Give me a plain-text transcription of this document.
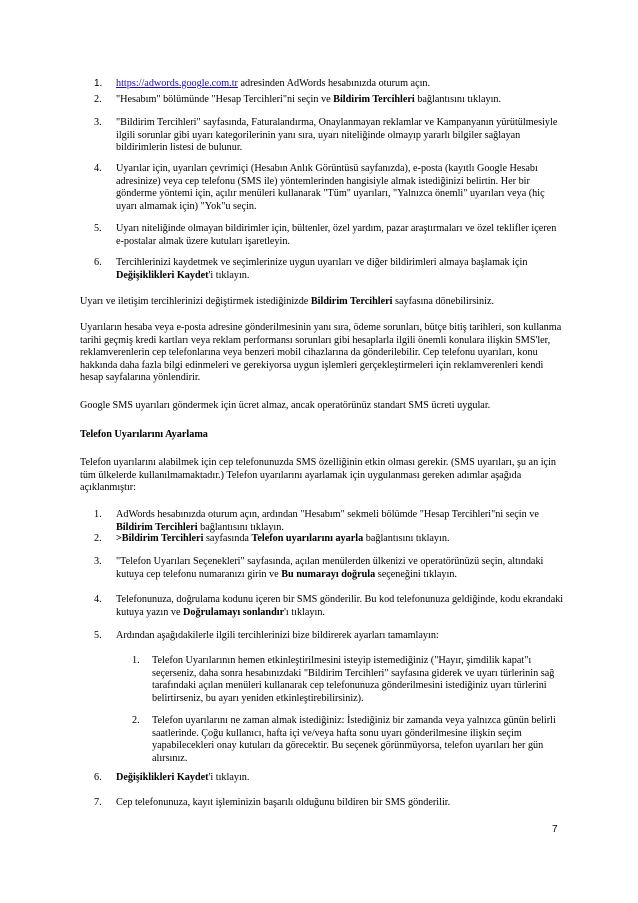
1.	https://adwords.google.com.tr adresinden AdWords hesabınızda oturum açın.
2.	"Hesabım" bölümünde "Hesap Tercihleri"ni seçin ve Bildirim Tercihleri bağlantısını tıklayın.
3.	"Bildirim Tercihleri" sayfasında, Faturalandırma, Onaylanmayan reklamlar ve Kampanyanın yürütülmesiyle ilgili sorunlar gibi uyarı kategorilerinin yanı sıra, uyarı niteliğinde olmayıp yararlı bilgiler sağlayan bildirimlerin listesi de bulunur.
4.	Uyarılar için, uyarıları çevrimiçi (Hesabın Anlık Görüntüsü sayfanızda), e-posta (kayıtlı Google Hesabı adresinize) veya cep telefonu (SMS ile) yöntemlerinden hangisiyle almak istediğinizi belirtin. Her bir gönderme yöntemi için, açılır menüleri kullanarak "Tüm" uyarıları, "Yalnızca önemli" uyarıları veya (hiç uyarı almamak için) "Yok"u seçin.
5.	Uyarı niteliğinde olmayan bildirimler için, bültenler, özel yardım, pazar araştırmaları ve özel teklifler içeren e-postalar almak üzere kutuları işaretleyin.
6.	Tercihlerinizi kaydetmek ve seçimlerinize uygun uyarıları ve diğer bildirimleri almaya başlamak için Değişiklikleri Kaydet'i tıklayın.

Uyarı ve iletişim tercihlerinizi değiştirmek istediğinizde Bildirim Tercihleri sayfasına dönebilirsiniz.

Uyarıların hesaba veya e-posta adresine gönderilmesinin yanı sıra, ödeme sorunları, bütçe bitiş tarihleri, son kullanma tarihi geçmiş kredi kartları veya reklam performansı sorunları gibi hesaplarla ilgili önemli konulara ilişkin SMS'ler, reklamverenlerin cep telefonlarına veya benzeri mobil cihazlarına da gönderilebilir. Cep telefonu uyarıları, konu hakkında daha fazla bilgi edinmeleri ve gerekiyorsa uygun işlemleri gerçekleştirmeleri için reklamverenleri kendi hesap sayfalarına yönlendirir.

Google SMS uyarıları göndermek için ücret almaz, ancak operatörünüz standart SMS ücreti uygular.

Telefon Uyarılarını Ayarlama

Telefon uyarılarını alabilmek için cep telefonunuzda SMS özelliğinin etkin olması gerekir. (SMS uyarıları, şu an için tüm ülkelerde kullanılmamaktadır.) Telefon uyarılarını ayarlamak için uygulanması gereken adımlar aşağıda açıklanmıştır:

1.	AdWords hesabınızda oturum açın, ardından "Hesabım" sekmeli bölümde "Hesap Tercihleri"ni seçin ve Bildirim Tercihleri bağlantısını tıklayın.
2.	>Bildirim Tercihleri sayfasında Telefon uyarılarını ayarla bağlantısını tıklayın.
3.	"Telefon Uyarıları Seçenekleri" sayfasında, açılan menülerden ülkenizi ve operatörünüzü seçin, altındaki kutuya cep telefonu numaranızı girin ve Bu numarayı doğrula seçeneğini tıklayın.
4.	Telefonunuza, doğrulama kodunu içeren bir SMS gönderilir. Bu kod telefonunuza geldiğinde, kodu ekrandaki kutuya yazın ve Doğrulamayı sonlandır'ı tıklayın.
5.	Ardından aşağıdakilerle ilgili tercihlerinizi bize bildirerek ayarları tamamlayın:
1.	Telefon Uyarılarının hemen etkinleştirilmesini isteyip istemediğiniz ("Hayır, şimdilik kapat"ı seçerseniz, daha sonra hesabınızdaki "Bildirim Tercihleri" sayfasına giderek ve uyarı türlerinin sağ tarafındaki açılan menüleri kullanarak cep telefonunuza gönderilmesini istediğiniz uyarı türlerini belirtirseniz, bu ayarı yeniden etkinleştirebilirsiniz).
2.	Telefon uyarılarını ne zaman almak istediğiniz: İstediğiniz bir zamanda veya yalnızca günün belirli saatlerinde. Çoğu kullanıcı, hafta içi ve/veya hafta sonu uyarı gönderilmesine ilişkin seçim yapabilecekleri onay kutuları da görecektir. Bu seçenek görünmüyorsa, telefon uyarıları her gün alırsınız.
6.	Değişiklikleri Kaydet'i tıklayın.
7.	Cep telefonunuza, kayıt işleminizin başarılı olduğunu bildiren bir SMS gönderilir.
7
